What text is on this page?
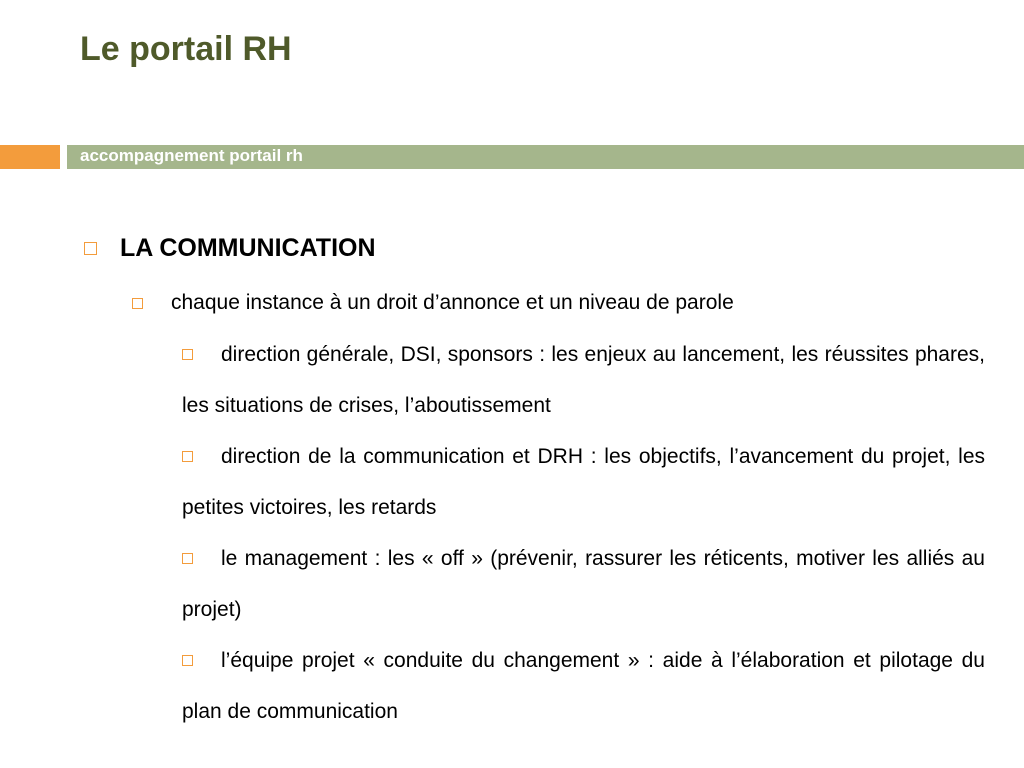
Le portail RH
accompagnement portail rh
LA COMMUNICATION
chaque instance à un droit d’annonce et un niveau de parole
direction générale, DSI, sponsors : les enjeux au lancement, les réussites phares, les situations de crises, l’aboutissement
direction de la communication et DRH : les objectifs, l’avancement du projet, les petites victoires, les retards
le management : les « off » (prévenir, rassurer les réticents, motiver les alliés au projet)
l’équipe projet « conduite du changement » : aide à l’élaboration et pilotage du plan de communication
